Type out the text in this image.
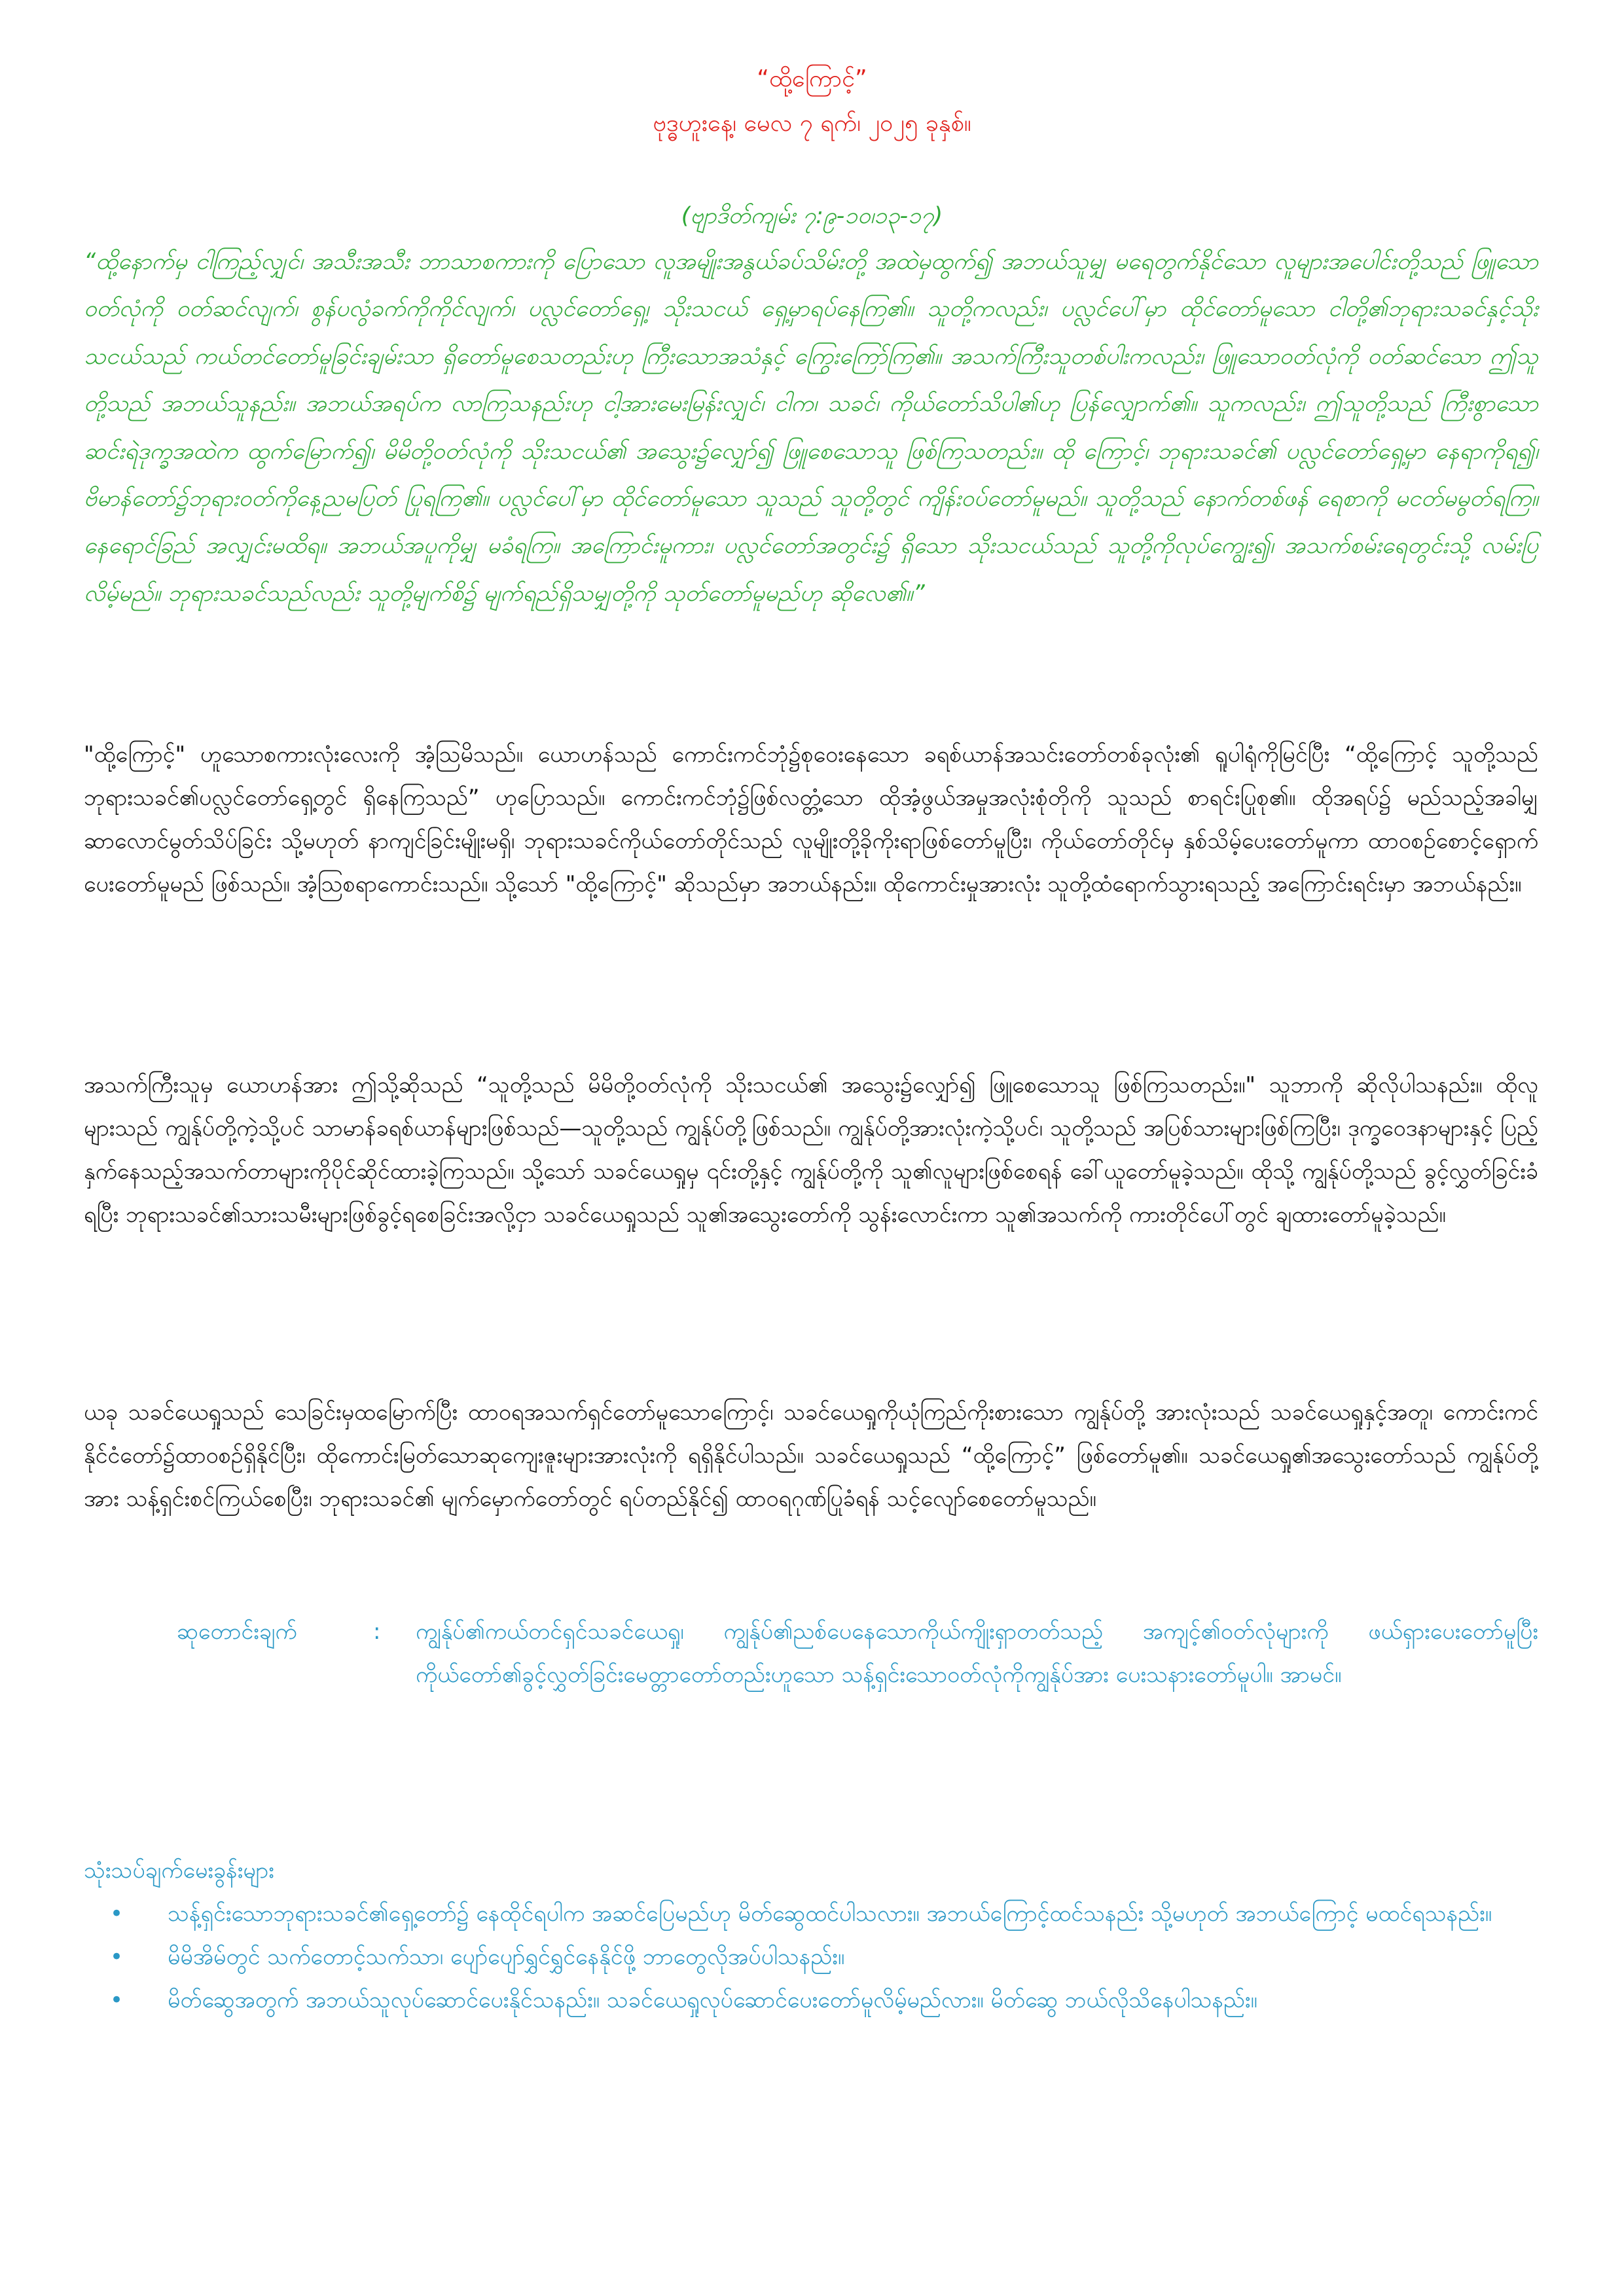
“ထို့ကြောင့်”
ဗုဒ္ဓဟူးနေ့၊ မေလ ၇ ရက်၊ ၂၀၂၅ ခုနှစ်။
(ဗျာဒိတ်ကျမ်း ၇:၉-၁၀၊၁၃-၁၇)

“ထို့နောက်မှ ငါကြည့်လျှင်၊ အသီးအသီး ဘာသာစကားကို ပြောသော လူအမျိုးအနွယ်ခပ်သိမ်းတို့ အထဲမှထွက်၍ အဘယ်သူမျှ မရေတွက်နိုင်သော လူများအပေါင်းတို့သည် ဖြူသောဝတ်လုံကို ဝတ်ဆင်လျက်၊ စွန်ပလွံခက်ကိုကိုင်လျက်၊ ပလ္လင်တော်ရှေ့၊ သိုးသငယ် ရှေ့မှာရပ်နေကြ၏။ သူတို့ကလည်း၊ ပလ္လင်ပေါ်မှာ ထိုင်တော်မူသော ငါတို့၏ဘုရားသခင်နှင့်သိုးသငယ်သည် ကယ်တင်တော်မူခြင်းချမ်းသာ ရှိတော်မူစေသတည်းဟု ကြီးသောအသံနှင့် ကြွေးကြော်ကြ၏။ အသက်ကြီးသူတစ်ပါးကလည်း၊ ဖြူသောဝတ်လုံကို ဝတ်ဆင်သော ဤသူတို့သည် အဘယ်သူနည်း။ အဘယ်အရပ်က လာကြသနည်းဟု ငါ့အားမေးမြန်းလျှင်၊ ငါက၊ သခင်၊ ကိုယ်တော်သိပါ၏ဟု ပြန်လျှောက်၏။ သူကလည်း၊ ဤသူတို့သည် ကြီးစွာသော ဆင်းရဲဒုက္ခအထဲက ထွက်မြောက်၍၊ မိမိတို့ဝတ်လုံကို သိုးသငယ်၏ အသွေး၌လျှော်၍ ဖြူစေသောသူ ဖြစ်ကြသတည်း။ ထို ကြောင့်၊ ဘုရားသခင်၏ ပလ္လင်တော်ရှေ့မှာ နေရာကိုရ၍၊ ဗိမာန်တော်၌ဘုရားဝတ်ကိုနေ့ညမပြတ် ပြုရကြ၏။ ပလ္လင်ပေါ်မှာ ထိုင်တော်မူသော သူသည် သူတို့တွင် ကျိန်းဝပ်တော်မူမည်။ သူတို့သည် နောက်တစ်ဖန် ရေစာကို မငတ်မမွတ်ရကြ။ နေရောင်ခြည် အလျှင်းမထိရ။ အဘယ်အပူကိုမျှ မခံရကြ။ အကြောင်းမူကား၊ ပလ္လင်တော်အတွင်း၌ ရှိသော သိုးသငယ်သည် သူတို့ကိုလုပ်ကျွေး၍၊ အသက်စမ်းရေတွင်းသို့ လမ်းပြလိမ့်မည်။ ဘုရားသခင်သည်လည်း သူတို့မျက်စိ၌ မျက်ရည်ရှိသမျှတို့ကို သုတ်တော်မူမည်ဟု ဆိုလေ၏။”

"ထို့ကြောင့်" ဟူသောစကားလုံးလေးကို အံ့သြမိသည်။ ယောဟန်သည် ကောင်းကင်ဘုံ၌စုဝေးနေသော ခရစ်ယာန်အသင်းတော်တစ်ခုလုံး၏ ရူပါရုံကိုမြင်ပြီး “ထို့ကြောင့် သူတို့သည်ဘုရားသခင်၏ပလ္လင်တော်ရှေ့တွင် ရှိနေကြသည်” ဟုပြောသည်။ ကောင်းကင်ဘုံ၌ဖြစ်လတ္တံ့သော ထိုအံ့ဖွယ်အမှုအလုံးစုံတိုကို သူသည် စာရင်းပြုစု၏။ ထိုအရပ်၌ မည်သည့်အခါမျှ ဆာလောင်မွတ်သိပ်ခြင်း သို့မဟုတ် နာကျင်ခြင်းမျိုးမရှိ၊ ဘုရားသခင်ကိုယ်တော်တိုင်သည် လူမျိုးတို့ခိုကိုးရာဖြစ်တော်မူပြီး၊ ကိုယ်တော်တိုင်မှ နှစ်သိမ့်ပေးတော်မူကာ ထာဝစဉ်စောင့်ရှောက်ပေးတော်မူမည် ဖြစ်သည်။ အံ့သြစရာကောင်းသည်။ သို့သော် "ထို့ကြောင့်" ဆိုသည်မှာ အဘယ်နည်း။ ထိုကောင်းမှုအားလုံး သူတို့ထံရောက်သွားရသည့် အကြောင်းရင်းမှာ အဘယ်နည်း။

အသက်ကြီးသူမှ ယောဟန်အား ဤသို့ဆိုသည် “သူတို့သည် မိမိတို့ဝတ်လုံကို သိုးသငယ်၏ အသွေး၌လျှော်၍ ဖြူစေသောသူ ဖြစ်ကြသတည်း။" သူဘာကို ဆိုလိုပါသနည်း။ ထိုလူများသည် ကျွန်ုပ်တို့ကဲ့သို့ပင် သာမာန်ခရစ်ယာန်များဖြစ်သည်—သူတို့သည် ကျွန်ုပ်တို့ဖြစ်သည်။ ကျွန်ုပ်တို့အားလုံးကဲ့သို့ပင်၊ သူတို့သည် အပြစ်သားများဖြစ်ကြပြီး၊ ဒုက္ခဝေဒနာများနှင့် ပြည့်နှက်နေသည့်အသက်တာများကိုပိုင်ဆိုင်ထားခဲ့ကြသည်။ သို့သော် သခင်ယေရှုမှ ၎င်းတို့နှင့် ကျွန်ုပ်တို့ကို သူ၏လူများဖြစ်စေရန် ခေါ်ယူတော်မူခဲ့သည်။ ထိုသို့ ကျွန်ုပ်တို့သည် ခွင့်လွှတ်ခြင်းခံရပြီး ဘုရားသခင်၏သားသမီးများဖြစ်ခွင့်ရစေခြင်းအလို့ငှာ သခင်ယေရှုသည် သူ၏အသွေးတော်ကို သွန်းလောင်းကာ သူ၏အသက်ကို ကားတိုင်ပေါ်တွင် ချထားတော်မူခဲ့သည်။

ယခု သခင်ယေရှုသည် သေခြင်းမှထမြောက်ပြီး ထာဝရအသက်ရှင်တော်မူသောကြောင့်၊ သခင်ယေရှုကိုယုံကြည်ကိုးစားသော ကျွန်ုပ်တို့ အားလုံးသည် သခင်ယေရှုနှင့်အတူ၊ ကောင်းကင်နိုင်ငံတော်၌ထာဝစဉ်ရှိနိုင်ပြီး၊ ထိုကောင်းမြတ်သောဆုကျေးဇူးများအားလုံးကို ရရှိနိုင်ပါသည်။ သခင်ယေရှုသည် “ထို့ကြောင့်” ဖြစ်တော်မူ၏။ သခင်ယေရှု၏အသွေးတော်သည် ကျွန်ုပ်တို့အား သန့်ရှင်းစင်ကြယ်စေပြီး၊ ဘုရားသခင်၏ မျက်မှောက်တော်တွင် ရပ်တည်နိုင်၍ ထာဝရဂုဏ်ပြုခံရန် သင့်လျော်စေတော်မူသည်။

ဆုတောင်းချက်	:	ကျွန်ုပ်၏ကယ်တင်ရှင်သခင်ယေရှု၊ ကျွန်ုပ်၏ညစ်ပေနေသောကိုယ်ကျိုးရှာတတ်သည့် အကျင့်၏ဝတ်လုံများကို ဖယ်ရှားပေးတော်မူပြီး ကိုယ်တော်၏ခွင့်လွှတ်ခြင်းမေတ္တာတော်တည်းဟူသော သန့်ရှင်းသောဝတ်လုံကိုကျွန်ုပ်အား ပေးသနားတော်မူပါ။ အာမင်။

သုံးသပ်ချက်မေးခွန်းများ

•	သန့်ရှင်းသောဘုရားသခင်၏ရှေ့တော်၌ နေထိုင်ရပါက အဆင်ပြေမည်ဟု မိတ်ဆွေထင်ပါသလား။ အဘယ်ကြောင့်ထင်သနည်း သို့မဟုတ် အဘယ်ကြောင့် မထင်ရသနည်း။
•	မိမိအိမ်တွင် သက်တောင့်သက်သာ၊ ပျော်ပျော်ရွှင်ရွှင်နေနိုင်ဖို့ ဘာတွေလိုအပ်ပါသနည်း။
•	မိတ်ဆွေအတွက် အဘယ်သူလုပ်ဆောင်ပေးနိုင်သနည်း။ သခင်ယေရှုလုပ်ဆောင်ပေးတော်မူလိမ့်မည်လား။ မိတ်ဆွေ ဘယ်လိုသိနေပါသနည်း။
